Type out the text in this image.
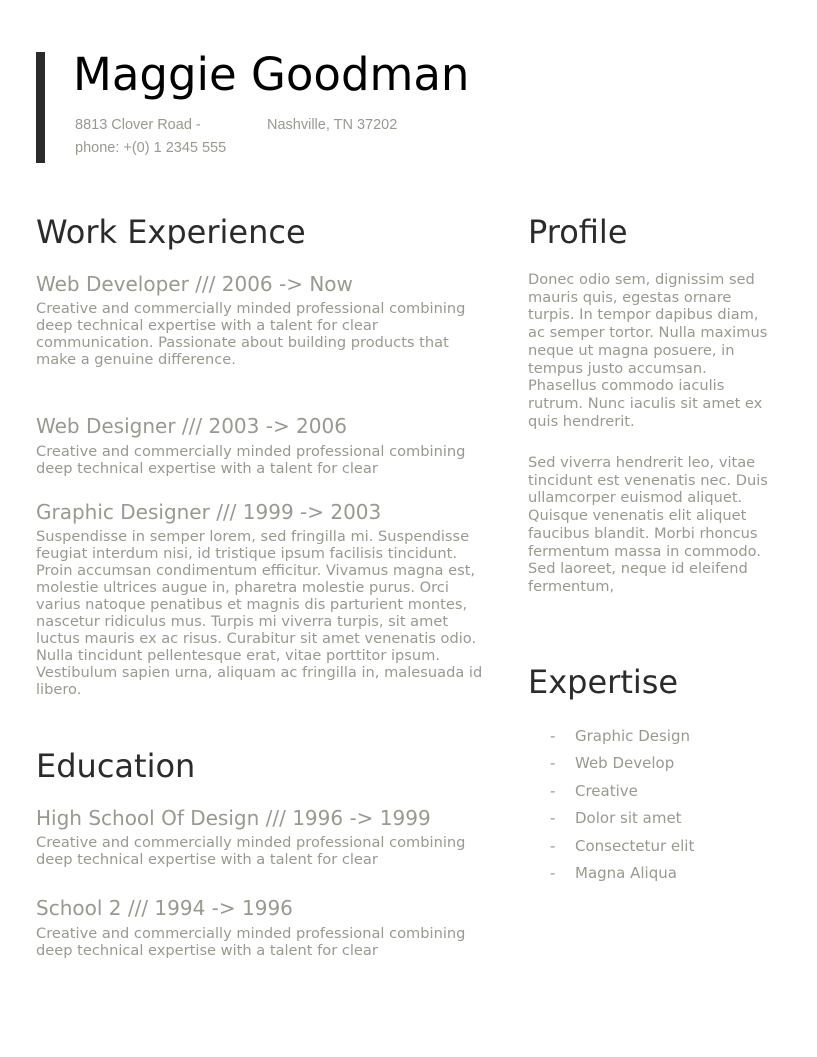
Maggie Goodman
8813 Clover Road -	Nashville, TN 37202
phone: +(0) 1 2345 555
Work Experience
Web Developer /// 2006 -> Now

Creative and commercially minded professional combining deep technical expertise with a talent for clear communication. Passionate about building products that make a genuine difference.

Web Designer /// 2003 -> 2006

Creative and commercially minded professional combining deep technical expertise with a talent for clear

Graphic Designer /// 1999 -> 2003

Suspendisse in semper lorem, sed fringilla mi. Suspendisse feugiat interdum nisi, id tristique ipsum facilisis tincidunt. Proin accumsan condimentum efficitur. Vivamus magna est, molestie ultrices augue in, pharetra molestie purus. Orci varius natoque penatibus et magnis dis parturient montes, nascetur ridiculus mus. Turpis mi viverra turpis, sit amet luctus mauris ex ac risus. Curabitur sit amet venenatis odio. Nulla tincidunt pellentesque erat, vitae porttitor ipsum. Vestibulum sapien urna, aliquam ac fringilla in, malesuada id libero.

Education
High School Of Design /// 1996 -> 1999

Creative and commercially minded professional combining deep technical expertise with a talent for clear

School 2 /// 1994 -> 1996

Creative and commercially minded professional combining deep technical expertise with a talent for clear

Profile

Donec odio sem, dignissim sed mauris quis, egestas ornare turpis. In tempor dapibus diam, ac semper tortor. Nulla maximus neque ut magna posuere, in tempus justo accumsan. Phasellus commodo iaculis rutrum. Nunc iaculis sit amet ex quis hendrerit.

Sed viverra hendrerit leo, vitae tincidunt est venenatis nec. Duis ullamcorper euismod aliquet. Quisque venenatis elit aliquet faucibus blandit. Morbi rhoncus fermentum massa in commodo. Sed laoreet, neque id eleifend fermentum,

Expertise
- Graphic Design
- Web Develop
- Creative
- Dolor sit amet
- Consectetur elit
- Magna Aliqua
